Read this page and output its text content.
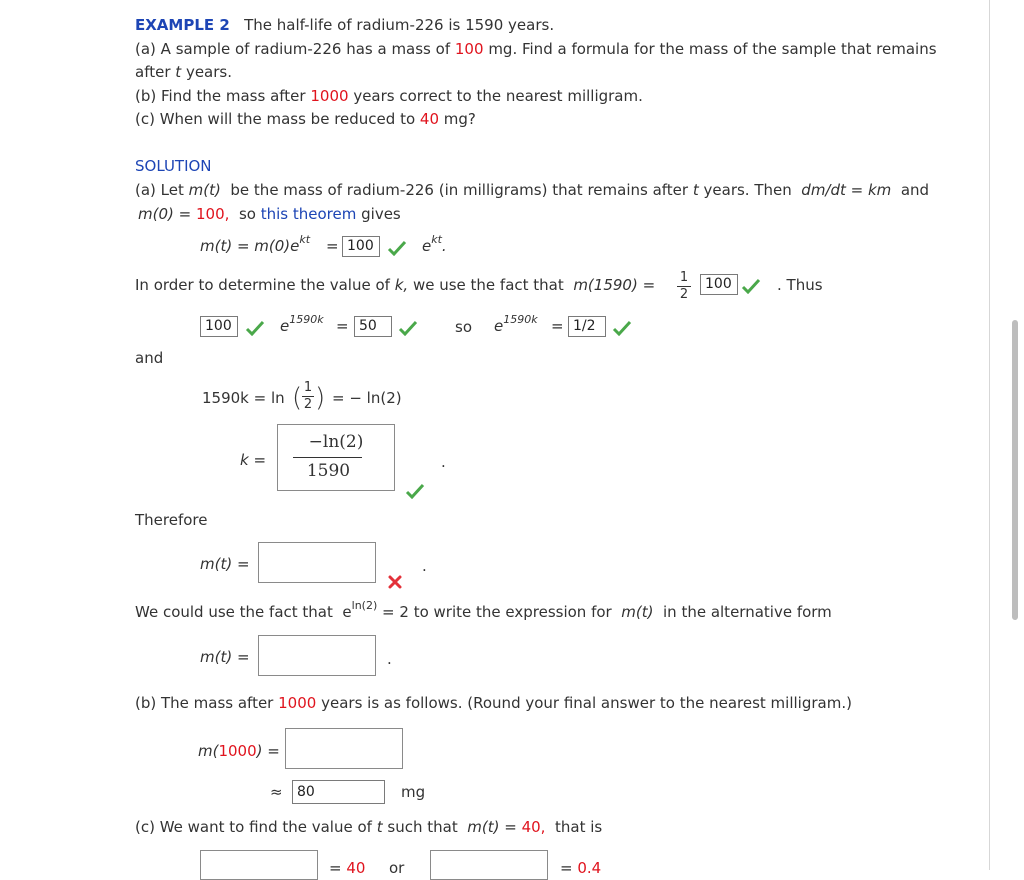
EXAMPLE 2 The half-life of radium-226 is 1590 years.
(a) A sample of radium-226 has a mass of 100 mg. Find a formula for the mass of the sample that remains
after t years.
(b) Find the mass after 1000 years correct to the nearest milligram.
(c) When will the mass be reduced to 40 mg?
SOLUTION
(a) Let m(t) be the mass of radium-226 (in milligrams) that remains after t years. Then dm/dt = km and
m(0) = 100, so this theorem gives
$m(t) = m(0)e^{kt} = 100$	$e^{kt}$.
In order to determine the value of k, we use the fact that m(1590) = 1
2
100	. Thus
100	$e^{1590k} = 50$	so $e^{1590k} = 1/2$
and
1590k = ln ( 1
2 ) = − ln(2)
k =
−ln(2)
1590	.
Therefore
m(t) =	.
We could use the fact that $e^{ln(2)} = 2$ to write the expression for m(t) in the alternative form
m(t) =	.
(b) The mass after 1000 years is as follows. (Round your final answer to the nearest milligram.)
m(1000) =
≈	80	mg
(c) We want to find the value of t such that m(t) = 40, that is
= 40 or	= 0.4
